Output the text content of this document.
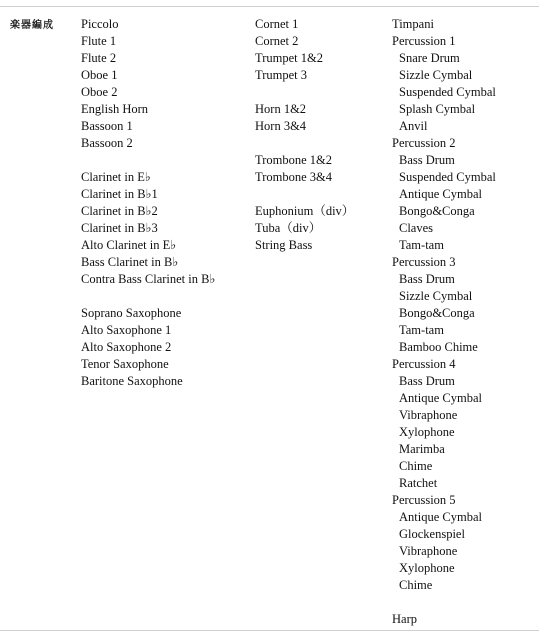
楽器編成 Piccolo
Flute 1
Flute 2
Oboe 1
Oboe 2
English Horn
Bassoon 1
Bassoon 2
Clarinet in E♭
Clarinet in B♭1
Clarinet in B♭2
Clarinet in B♭3
Alto Clarinet in E♭
Bass Clarinet in B♭
Contra Bass Clarinet in B♭
Soprano Saxophone
Alto Saxophone 1
Alto Saxophone 2
Tenor Saxophone
Baritone Saxophone
Cornet 1
Cornet 2
Trumpet 1&2
Trumpet 3
Horn 1&2
Horn 3&4
Trombone 1&2
Trombone 3&4
Euphonium（div）
Tuba（div）
String Bass
Timpani
Percussion 1
Snare Drum
Sizzle Cymbal
Suspended Cymbal
Splash Cymbal
Anvil
Percussion 2
Bass Drum
Suspended Cymbal
Antique Cymbal
Bongo&Conga
Claves
Tam-tam
Percussion 3
Bass Drum
Sizzle Cymbal
Bongo&Conga
Tam-tam
Bamboo Chime
Percussion 4
Bass Drum
Antique Cymbal
Vibraphone
Xylophone
Marimba
Chime
Ratchet
Percussion 5
Antique Cymbal
Glockenspiel
Vibraphone
Xylophone
Chime
Harp
